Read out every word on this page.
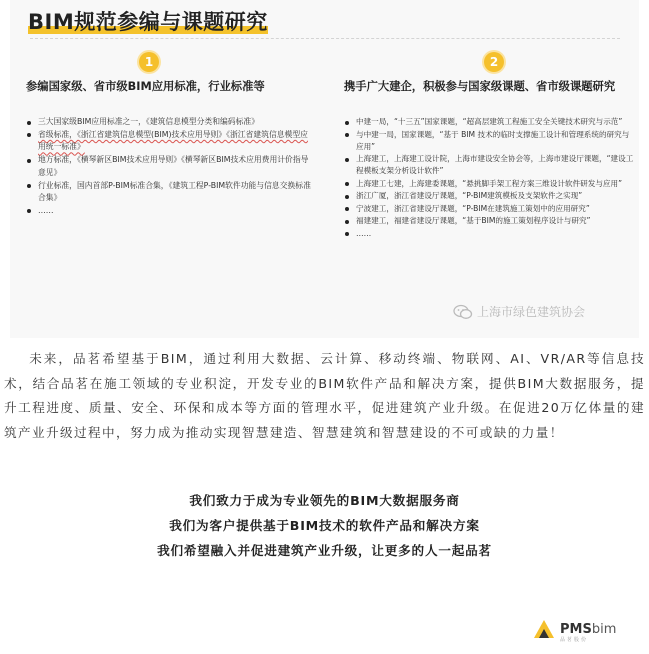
BIM规范参编与课题研究
1
参编国家级、省市级BIM应用标准，行业标准等
三大国家级BIM应用标准之一，《建筑信息模型分类和编码标准》
省级标准，《浙江省建筑信息模型(BIM)技术应用导则》《浙江省建筑信息模型应用统一标准》
地方标准，《横琴新区BIM技术应用导则》《横琴新区BIM技术应用费用计价指导意见》
行业标准，国内首部P-BIM标准合集，《建筑工程P-BIM软件功能与信息交换标准合集》
……
2
携手广大建企，积极参与国家级课题、省市级课题研究
中建一局，“十三五”国家课题，“超高层建筑工程施工安全关键技术研究与示范”
与中建一局，国家课题，“基于 BIM 技术的临时支撑施工设计和管理系统的研究与应用”
上海建工，上海建工设计院，上海市建设安全协会等，上海市建设厅课题，“建设工程模板支架分析设计软件”
上海建工七建，上海建委课题，“悬挑脚手架工程方案三维设计软件研发与应用”
浙江广厦，浙江省建设厅课题，“P-BIM建筑模板及支架软件之实现”
宁波建工，浙江省建设厅课题，“P-BIM在建筑施工策划中的应用研究”
福建建工，福建省建设厅课题，“基于BIM的施工策划程序设计与研究”
……
上海市绿色建筑协会
未来，品茗希望基于BIM，通过利用大数据、云计算、移动终端、物联网、AI、VR/AR等信息技术，结合品茗在施工领域的专业积淀，开发专业的BIM软件产品和解决方案，提供BIM大数据服务，提升工程进度、质量、安全、环保和成本等方面的管理水平，促进建筑产业升级。在促进20万亿体量的建筑产业升级过程中，努力成为推动实现智慧建造、智慧建筑和智慧建设的不可或缺的力量！
我们致力于成为专业领先的BIM大数据服务商
我们为客户提供基于BIM技术的软件产品和解决方案
我们希望融入并促进建筑产业升级，让更多的人一起品茗
PMSbim
品茗股份
